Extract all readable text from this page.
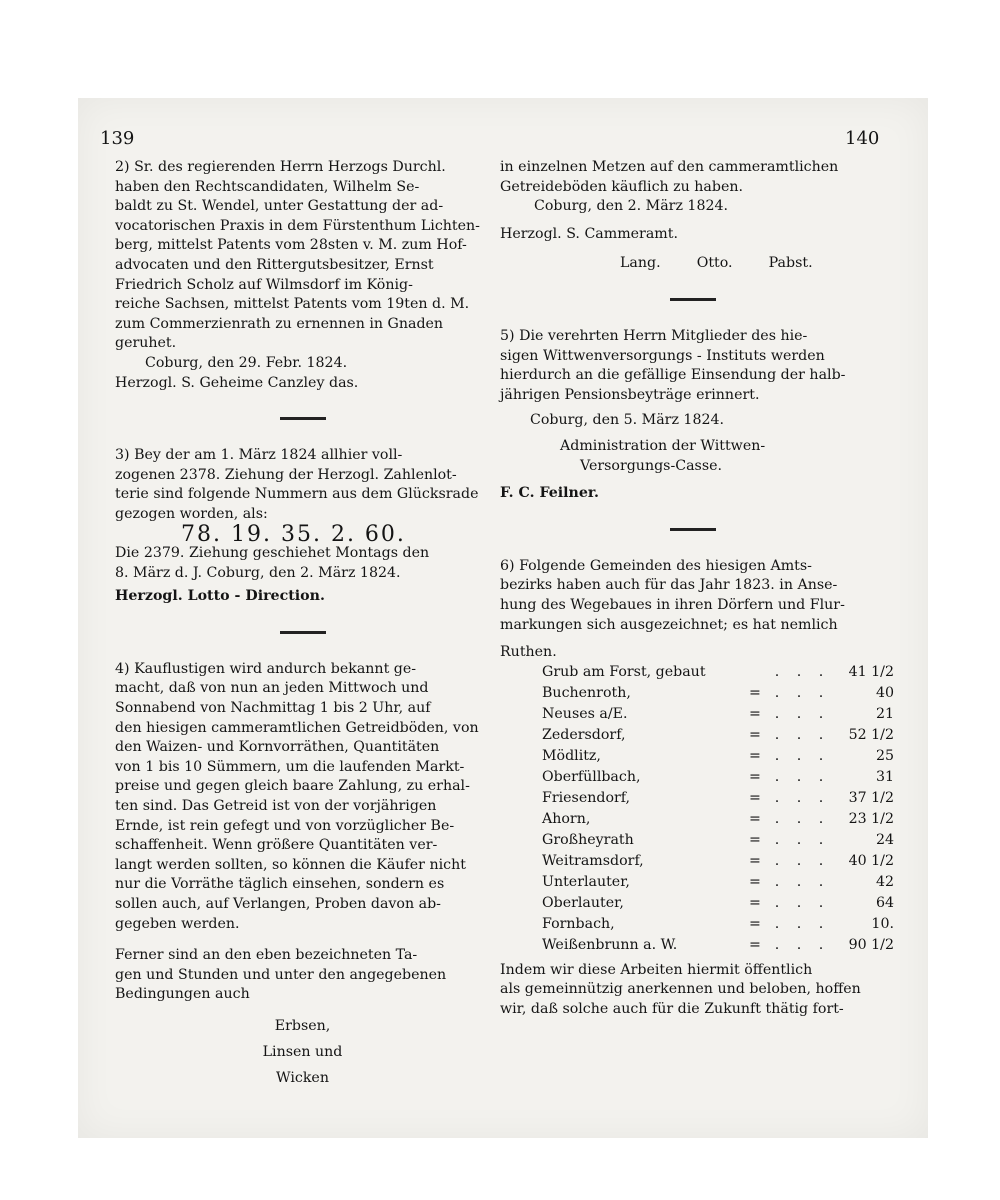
139	140

2) Sr. des regierenden Herrn Herzogs Durchl.
haben den Rechtscandidaten, Wilhelm Se-
baldt zu St. Wendel, unter Gestattung der ad-
vocatorischen Praxis in dem Fürstenthum Lichten-
berg, mittelst Patents vom 28sten v. M. zum Hof-
advocaten und den Rittergutsbesitzer, Ernst
Friedrich Scholz auf Wilmsdorf im König-
reiche Sachsen, mittelst Patents vom 19ten d. M.
zum Commerzienrath zu ernennen in Gnaden
geruhet.

Coburg, den 29. Febr. 1824.

Herzogl. S. Geheime Canzley das.

3) Bey der am 1. März 1824 allhier voll-
zogenen 2378. Ziehung der Herzogl. Zahlenlot-
terie sind folgende Nummern aus dem Glücksrade
gezogen worden, als:

78. 19. 35. 2. 60.

Die 2379. Ziehung geschiehet Montags den
8. März d. J. Coburg, den 2. März 1824.

Herzogl. Lotto - Direction.

4) Kauflustigen wird andurch bekannt ge-
macht, daß von nun an jeden Mittwoch und
Sonnabend von Nachmittag 1 bis 2 Uhr, auf
den hiesigen cammeramtlichen Getreidböden, von
den Waizen- und Kornvorräthen, Quantitäten
von 1 bis 10 Sümmern, um die laufenden Markt-
preise und gegen gleich baare Zahlung, zu erhal-
ten sind. Das Getreid ist von der vorjährigen
Ernde, ist rein gefegt und von vorzüglicher Be-
schaffenheit. Wenn größere Quantitäten ver-
langt werden sollten, so können die Käufer nicht
nur die Vorräthe täglich einsehen, sondern es
sollen auch, auf Verlangen, Proben davon ab-
gegeben werden.

Ferner sind an den eben bezeichneten Ta-
gen und Stunden und unter den angegebenen
Bedingungen auch

Erbsen,
Linsen und
Wicken

in einzelnen Metzen auf den cammeramtlichen
Getreideböden käuflich zu haben.

Coburg, den 2. März 1824.

Herzogl. S. Cammeramt.

Lang.	Otto.	Pabst.

5) Die verehrten Herrn Mitglieder des hie-
sigen Wittwenversorgungs - Instituts werden
hierdurch an die gefällige Einsendung der halb-
jährigen Pensionsbeyträge erinnert.

Coburg, den 5. März 1824.

Administration der Wittwen-
Versorgungs-Casse.

F. C. Feilner.

6) Folgende Gemeinden des hiesigen Amts-
bezirks haben auch für das Jahr 1823. in Anse-
hung des Wegebaues in ihren Dörfern und Flur-
markungen sich ausgezeichnet; es hat nemlich

Ruthen.

Grub am Forst, gebaut		.	.	.	41 1/2
Buchenroth,	=	.	.	.	40
Neuses a/E.	=	.	.	.	21
Zedersdorf,	=	.	.	.	52 1/2
Mödlitz,	=	.	.	.	25
Oberfüllbach,	=	.	.	.	31
Friesendorf,	=	.	.	.	37 1/2
Ahorn,	=	.	.	.	23 1/2
Großheyrath	=	.	.	.	24
Weitramsdorf,	=	.	.	.	40 1/2
Unterlauter,	=	.	.	.	42
Oberlauter,	=	.	.	.	64
Fornbach,	=	.	.	.	10.
Weißenbrunn a. W.	=	.	.	.	90 1/2

Indem wir diese Arbeiten hiermit öffentlich
als gemeinnützig anerkennen und beloben, hoffen
wir, daß solche auch für die Zukunft thätig fort-
